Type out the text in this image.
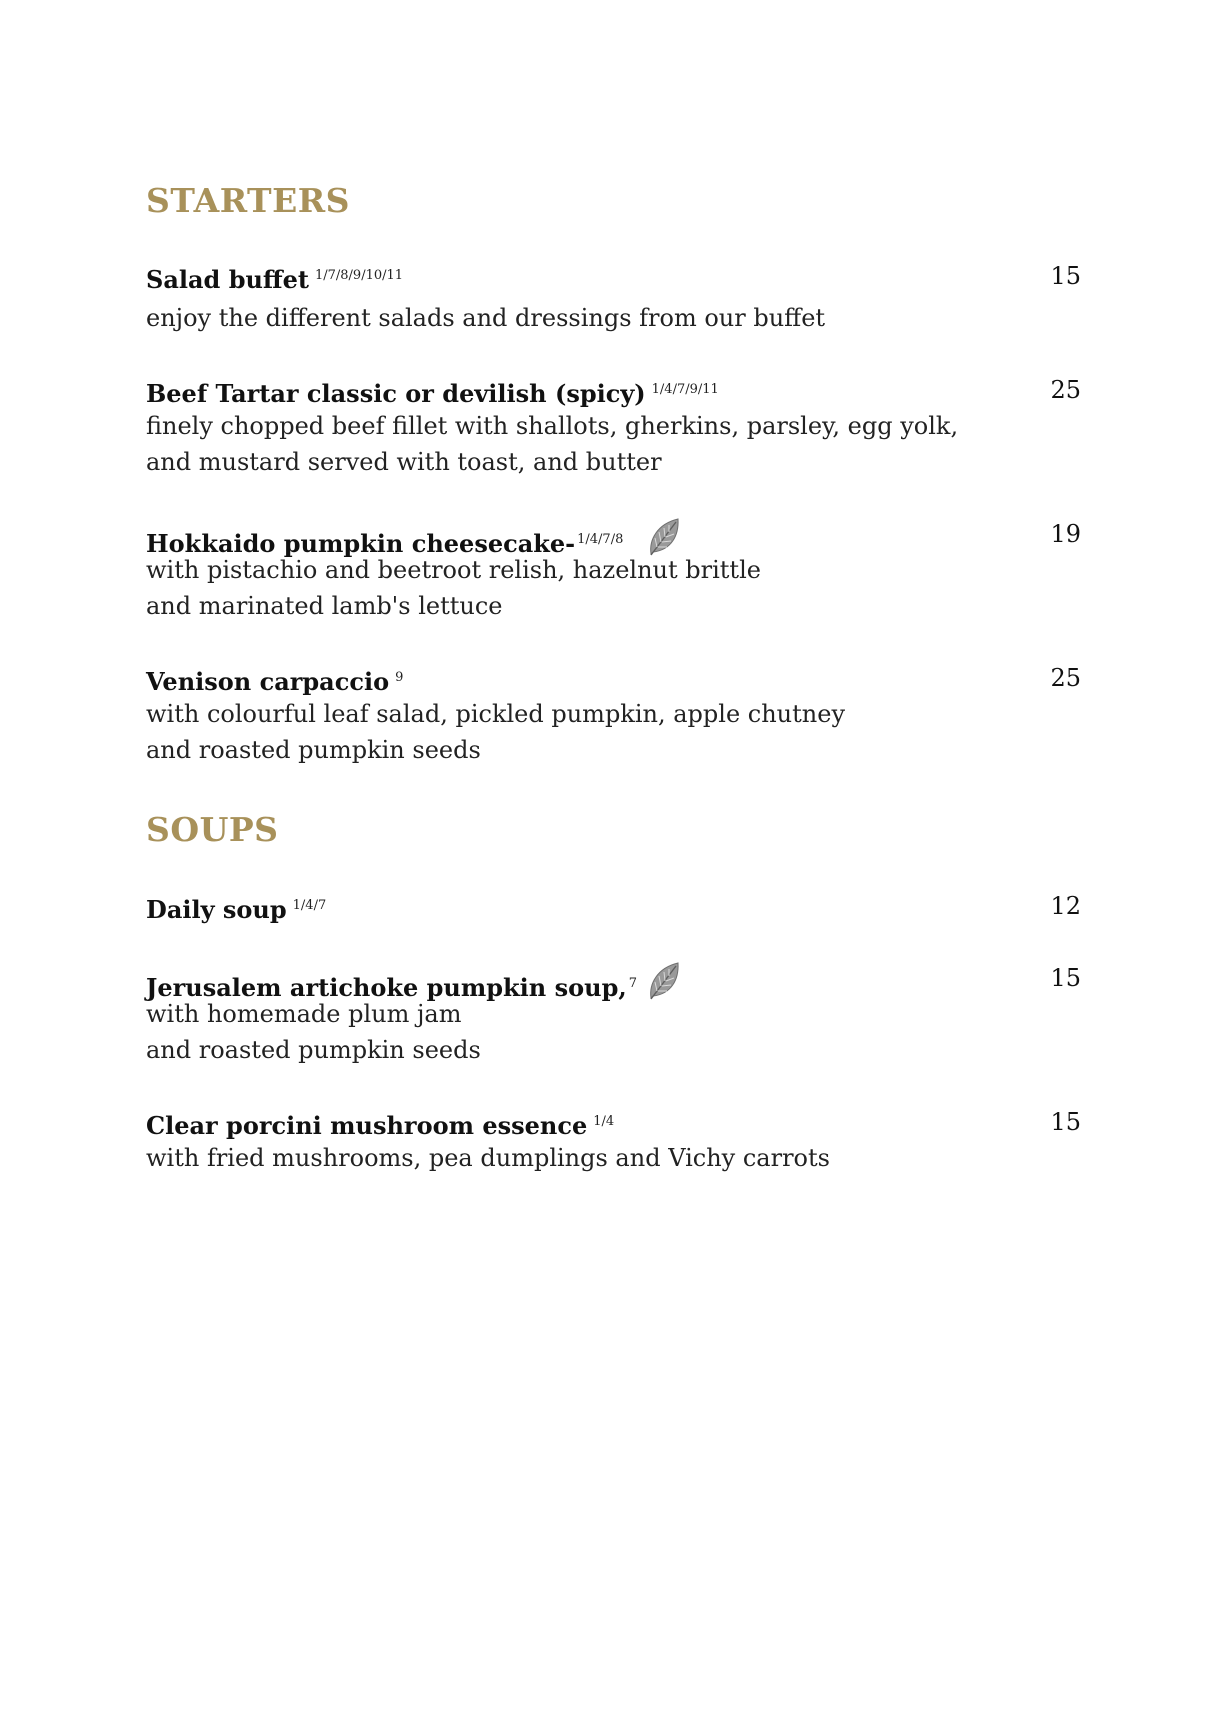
STARTERS
Salad buffet $^{1/7/8/9/10/11}$	15
enjoy the different salads and dressings from our buffet
Beef Tartar classic or devilish (spicy) $^{1/4/7/9/11}$	25
finely chopped beef fillet with shallots, gherkins, parsley, egg yolk,
and mustard served with toast, and butter
Hokkaido pumpkin cheesecake- $^{1/4/7/8}$	19
with pistachio and beetroot relish, hazelnut brittle
and marinated lamb's lettuce
Venison carpaccio $^9$	25
with colourful leaf salad, pickled pumpkin, apple chutney
and roasted pumpkin seeds
SOUPS
Daily soup $^{1/4/7}$	12
Jerusalem artichoke pumpkin soup, $^7$	15
with homemade plum jam
and roasted pumpkin seeds
Clear porcini mushroom essence $^{1/4}$	15
with fried mushrooms, pea dumplings and Vichy carrots
